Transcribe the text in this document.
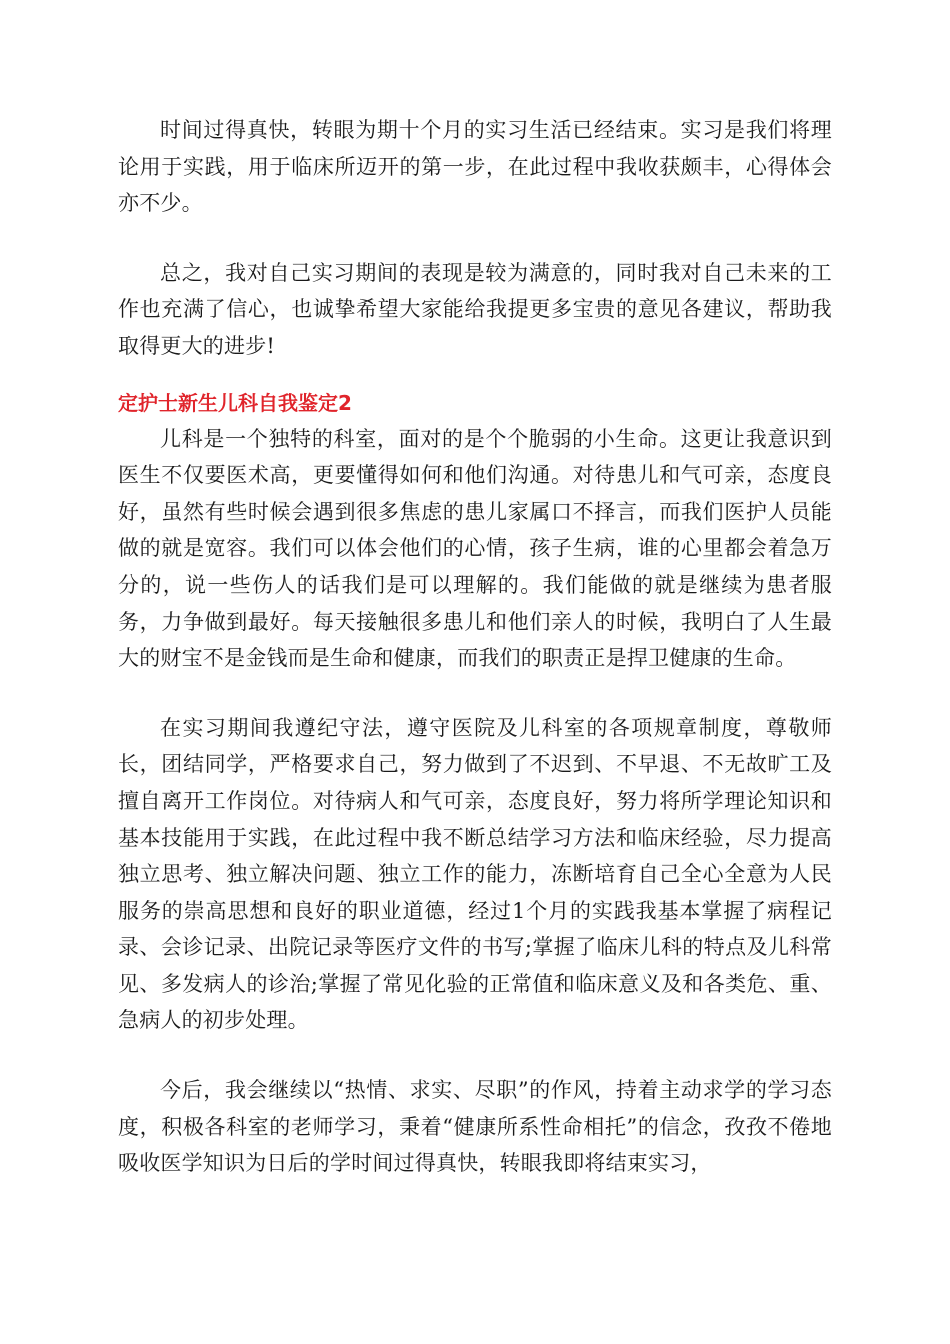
时间过得真快，转眼为期十个月的实习生活已经结束。实习是我们将理论用于实践，用于临床所迈开的第一步，在此过程中我收获颇丰，心得体会亦不少。

总之，我对自己实习期间的表现是较为满意的，同时我对自己未来的工作也充满了信心，也诚挚希望大家能给我提更多宝贵的意见各建议，帮助我取得更大的进步!

定护士新生儿科自我鉴定2

儿科是一个独特的科室，面对的是个个脆弱的小生命。这更让我意识到医生不仅要医术高，更要懂得如何和他们沟通。对待患儿和气可亲，态度良好，虽然有些时候会遇到很多焦虑的患儿家属口不择言，而我们医护人员能做的就是宽容。我们可以体会他们的心情，孩子生病，谁的心里都会着急万分的，说一些伤人的话我们是可以理解的。我们能做的就是继续为患者服务，力争做到最好。每天接触很多患儿和他们亲人的时候，我明白了人生最大的财宝不是金钱而是生命和健康，而我们的职责正是捍卫健康的生命。

在实习期间我遵纪守法，遵守医院及儿科室的各项规章制度，尊敬师长，团结同学，严格要求自己，努力做到了不迟到、不早退、不无故旷工及擅自离开工作岗位。对待病人和气可亲，态度良好，努力将所学理论知识和基本技能用于实践，在此过程中我不断总结学习方法和临床经验，尽力提高独立思考、独立解决问题、独立工作的能力，冻断培育自己全心全意为人民服务的崇高思想和良好的职业道德，经过1个月的实践我基本掌握了病程记录、会诊记录、出院记录等医疗文件的书写;掌握了临床儿科的特点及儿科常见、多发病人的诊治;掌握了常见化验的正常值和临床意义及和各类危、重、急病人的初步处理。

今后，我会继续以“热情、求实、尽职”的作风，持着主动求学的学习态度，积极各科室的老师学习，秉着“健康所系性命相托”的信念，孜孜不倦地吸收医学知识为日后的学时间过得真快，转眼我即将结束实习，
